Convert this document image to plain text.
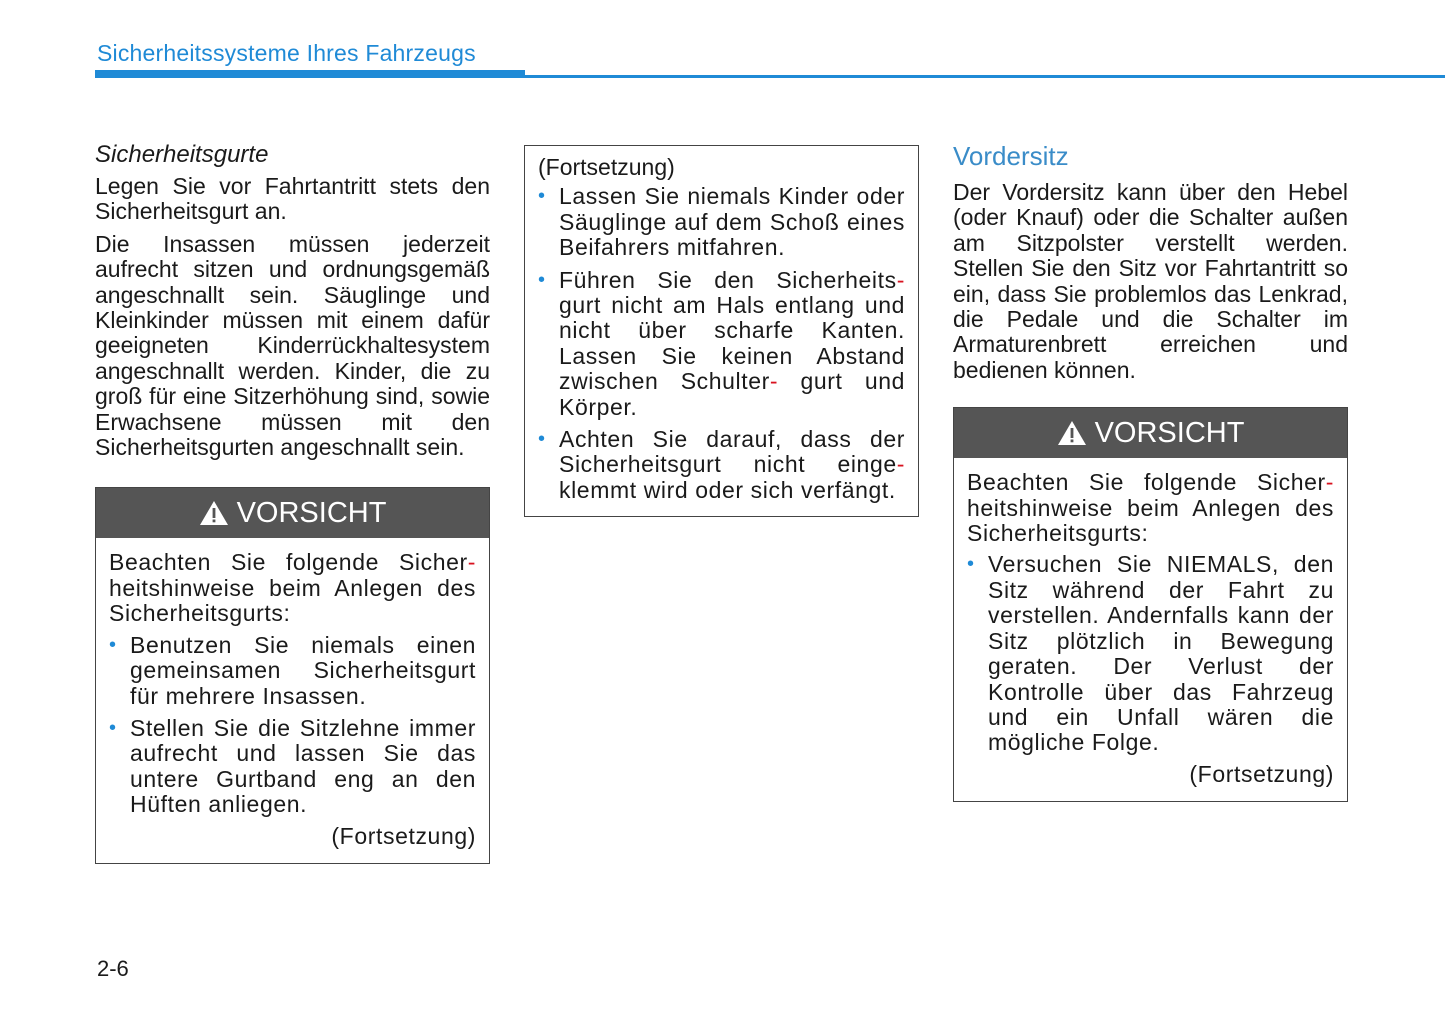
Sicherheitssysteme Ihres Fahrzeugs
Sicherheitsgurte

Legen Sie vor Fahrtantritt stets den Sicherheitsgurt an.

Die Insassen müssen jederzeit aufrecht sitzen und ordnungsgemäß angeschnallt sein. Säuglinge und Kleinkinder müssen mit einem dafür geeigneten Kinderrückhaltesystem angeschnallt werden. Kinder, die zu groß für eine Sitzerhöhung sind, sowie Erwachsene müssen mit den Sicherheitsgurten angeschnallt sein.

VORSICHT

Beachten Sie folgende Sicher- heitshinweise beim Anlegen des Sicherheitsgurts:

• Benutzen Sie niemals einen gemeinsamen Sicherheitsgurt für mehrere Insassen.
• Stellen Sie die Sitzlehne immer aufrecht und lassen Sie das untere Gurtband eng an den Hüften anliegen.

(Fortsetzung)

(Fortsetzung)

• Lassen Sie niemals Kinder oder Säuglinge auf dem Schoß eines Beifahrers mitfahren.
• Führen Sie den Sicherheits- gurt nicht am Hals entlang und nicht über scharfe Kanten. Lassen Sie keinen Abstand zwischen Schulter- gurt und Körper.
• Achten Sie darauf, dass der Sicherheitsgurt nicht einge- klemmt wird oder sich verfängt.
Vordersitz

Der Vordersitz kann über den Hebel (oder Knauf) oder die Schalter außen am Sitzpolster verstellt werden. Stellen Sie den Sitz vor Fahrtantritt so ein, dass Sie problemlos das Lenkrad, die Pedale und die Schalter im Armaturenbrett erreichen und bedienen können.

VORSICHT

Beachten Sie folgende Sicher- heitshinweise beim Anlegen des Sicherheitsgurts:

• Versuchen Sie NIEMALS, den Sitz während der Fahrt zu verstellen. Andernfalls kann der Sitz plötzlich in Bewegung geraten. Der Verlust der Kontrolle über das Fahrzeug und ein Unfall wären die mögliche Folge.

(Fortsetzung)

2-6
